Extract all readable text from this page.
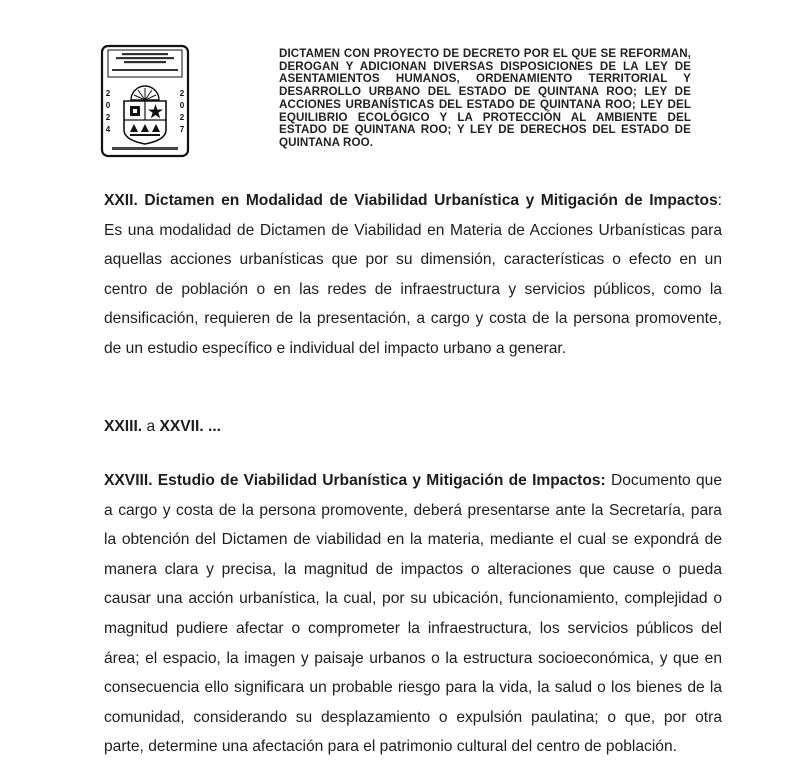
2
0
2
4
2
0
2
7
DICTAMEN CON PROYECTO DE DECRETO POR EL QUE SE REFORMAN, DEROGAN Y ADICIONAN DIVERSAS DISPOSICIONES DE LA LEY DE ASENTAMIENTOS HUMANOS, ORDENAMIENTO TERRITORIAL Y DESARROLLO URBANO DEL ESTADO DE QUINTANA ROO; LEY DE ACCIONES URBANÍSTICAS DEL ESTADO DE QUINTANA ROO; LEY DEL EQUILIBRIO ECOLÓGICO Y LA PROTECCIÓN AL AMBIENTE DEL ESTADO DE QUINTANA ROO; Y LEY DE DERECHOS DEL ESTADO DE QUINTANA ROO.
XXII. Dictamen en Modalidad de Viabilidad Urbanística y Mitigación de Impactos: Es una modalidad de Dictamen de Viabilidad en Materia de Acciones Urbanísticas para aquellas acciones urbanísticas que por su dimensión, características o efecto en un centro de población o en las redes de infraestructura y servicios públicos, como la densificación, requieren de la presentación, a cargo y costa de la persona promovente, de un estudio específico e individual del impacto urbano a generar.
XXIII. a XXVII. ...
XXVIII. Estudio de Viabilidad Urbanística y Mitigación de Impactos: Documento que a cargo y costa de la persona promovente, deberá presentarse ante la Secretaría, para la obtención del Dictamen de viabilidad en la materia, mediante el cual se expondrá de manera clara y precisa, la magnitud de impactos o alteraciones que cause o pueda causar una acción urbanística, la cual, por su ubicación, funcionamiento, complejidad o magnitud pudiere afectar o comprometer la infraestructura, los servicios públicos del área; el espacio, la imagen y paisaje urbanos o la estructura socioeconómica, y que en consecuencia ello significara un probable riesgo para la vida, la salud o los bienes de la comunidad, considerando su desplazamiento o expulsión paulatina; o que, por otra parte, determine una afectación para el patrimonio cultural del centro de población.
